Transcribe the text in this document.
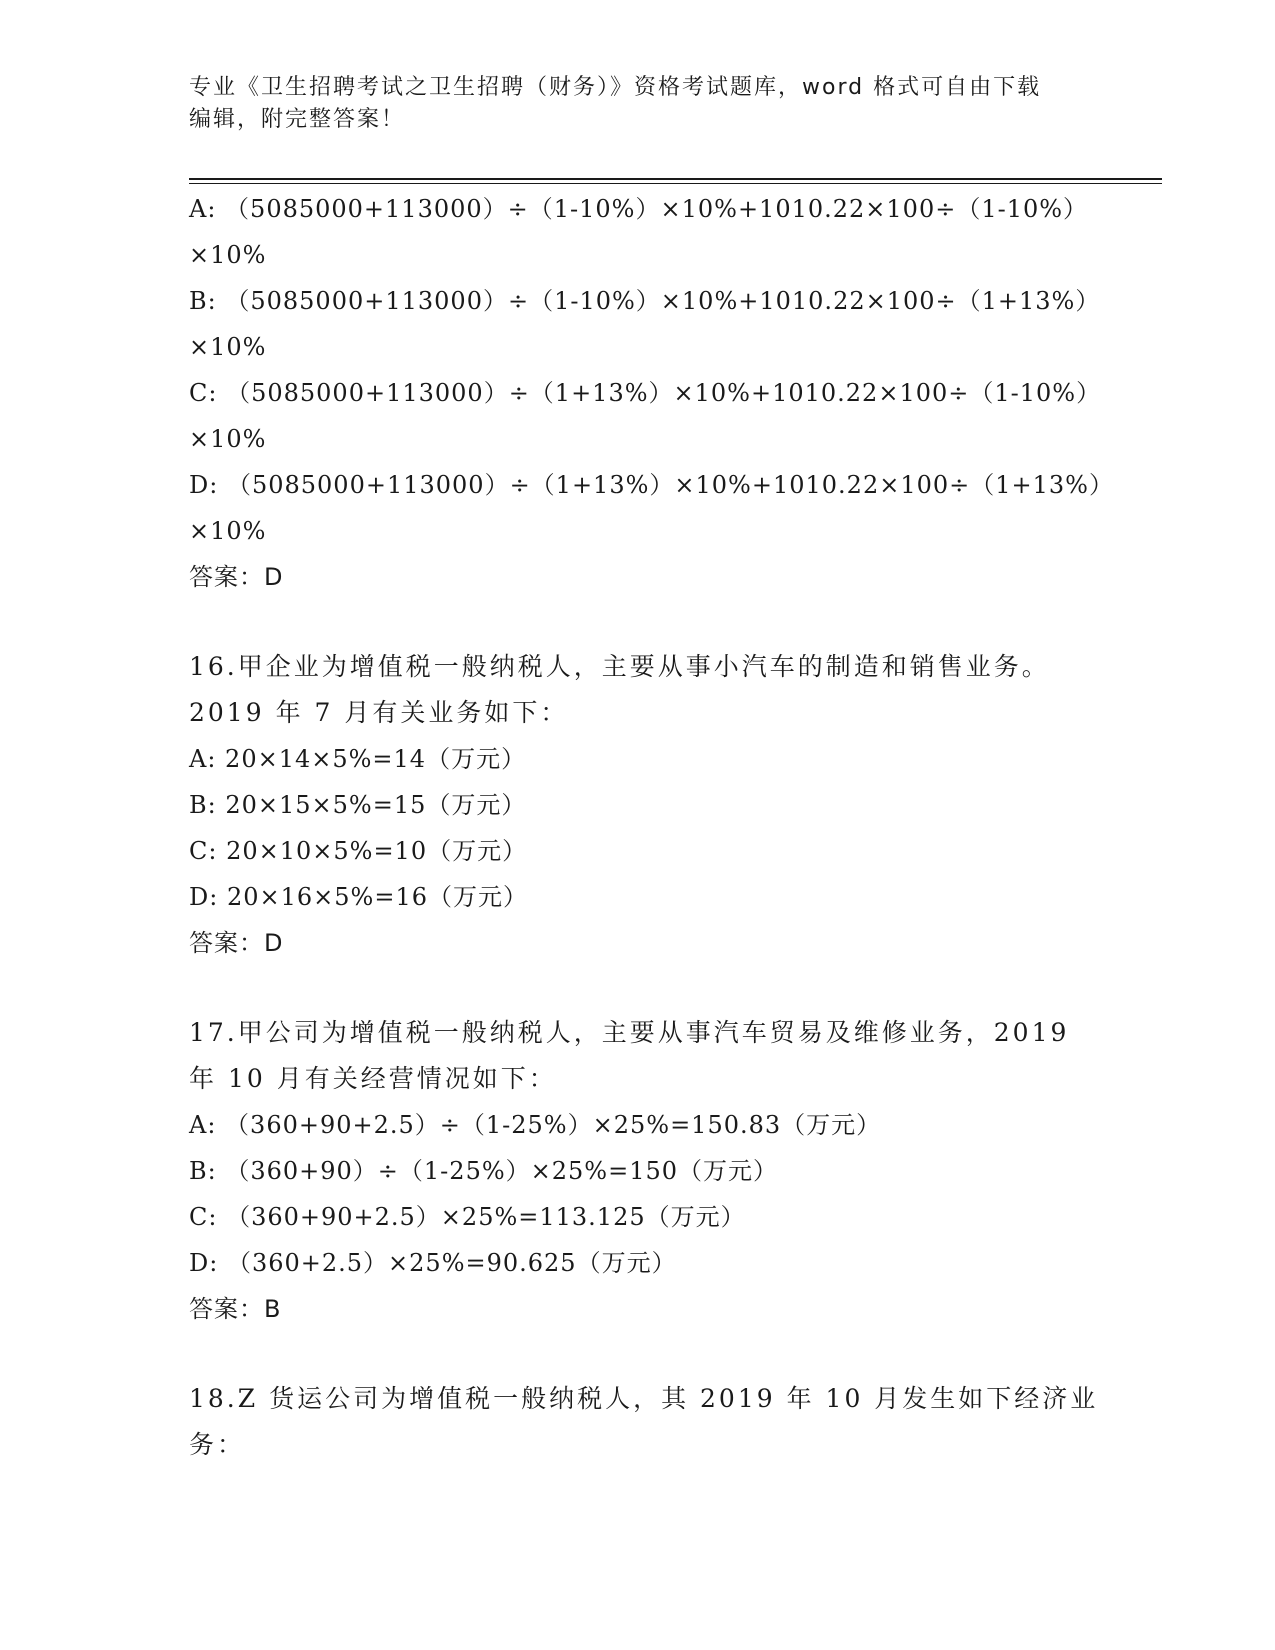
专业《卫生招聘考试之卫生招聘（财务）》资格考试题库，word 格式可自由下载
编辑，附完整答案！
A: （5085000+113000）÷（1-10%）×10%+1010.22×100÷（1-10%）
×10%
B: （5085000+113000）÷（1-10%）×10%+1010.22×100÷（1+13%）
×10%
C: （5085000+113000）÷（1+13%）×10%+1010.22×100÷（1-10%）
×10%
D: （5085000+113000）÷（1+13%）×10%+1010.22×100÷（1+13%）
×10%
答案：D
16.甲企业为增值税一般纳税人，主要从事小汽车的制造和销售业务。
2019 年 7 月有关业务如下：
A: 20×14×5%=14（万元）
B: 20×15×5%=15（万元）
C: 20×10×5%=10（万元）
D: 20×16×5%=16（万元）
答案：D
17.甲公司为增值税一般纳税人，主要从事汽车贸易及维修业务，2019
年 10 月有关经营情况如下：
A: （360+90+2.5）÷（1-25%）×25%=150.83（万元）
B: （360+90）÷（1-25%）×25%=150（万元）
C: （360+90+2.5）×25%=113.125（万元）
D: （360+2.5）×25%=90.625（万元）
答案：B
18.Z 货运公司为增值税一般纳税人，其 2019 年 10 月发生如下经济业
务：
